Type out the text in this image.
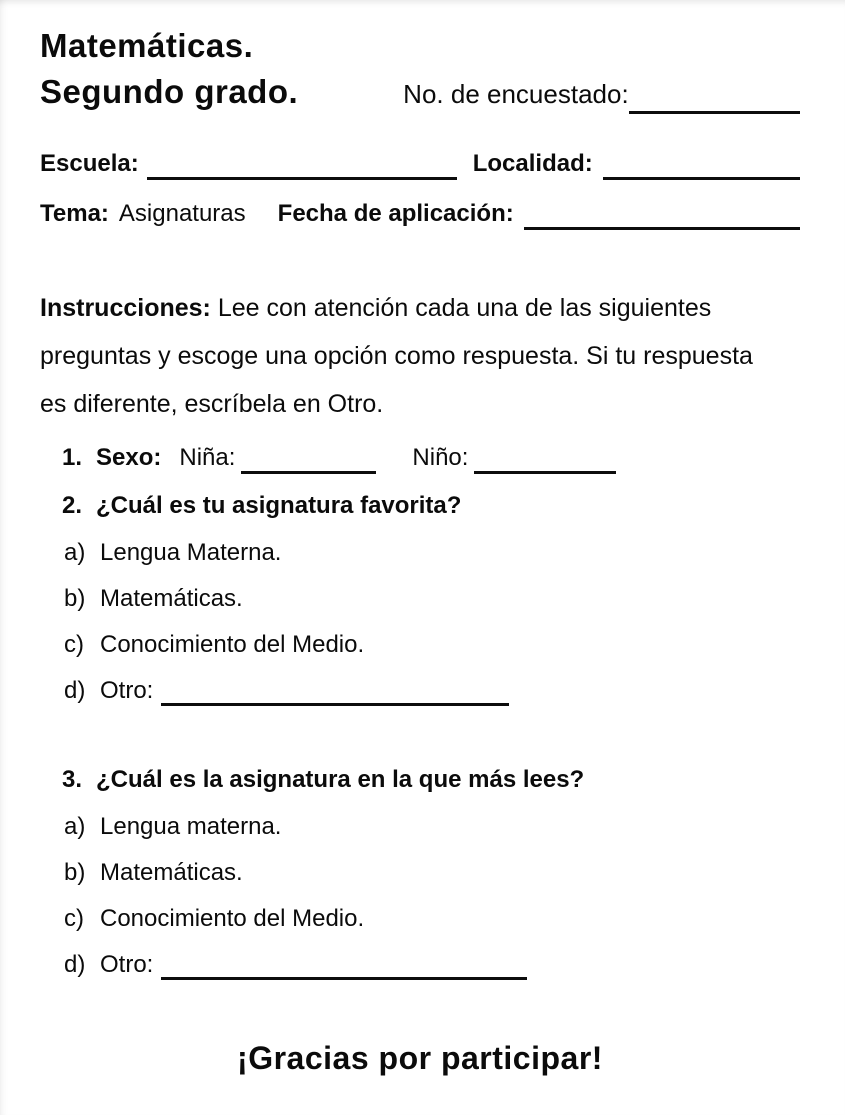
Matemáticas.
Segundo grado.	No. de encuestado:
Escuela:	Localidad:
Tema: Asignaturas Fecha de aplicación:
Instrucciones: Lee con atención cada una de las siguientes
preguntas y escoge una opción como respuesta. Si tu respuesta
es diferente, escríbela en Otro.
1. Sexo: Niña:	Niño:
2. ¿Cuál es tu asignatura favorita?
a) Lengua Materna.
b) Matemáticas.
c) Conocimiento del Medio.
d) Otro:
3. ¿Cuál es la asignatura en la que más lees?
a) Lengua materna.
b) Matemáticas.
c) Conocimiento del Medio.
d) Otro:
¡Gracias por participar!
